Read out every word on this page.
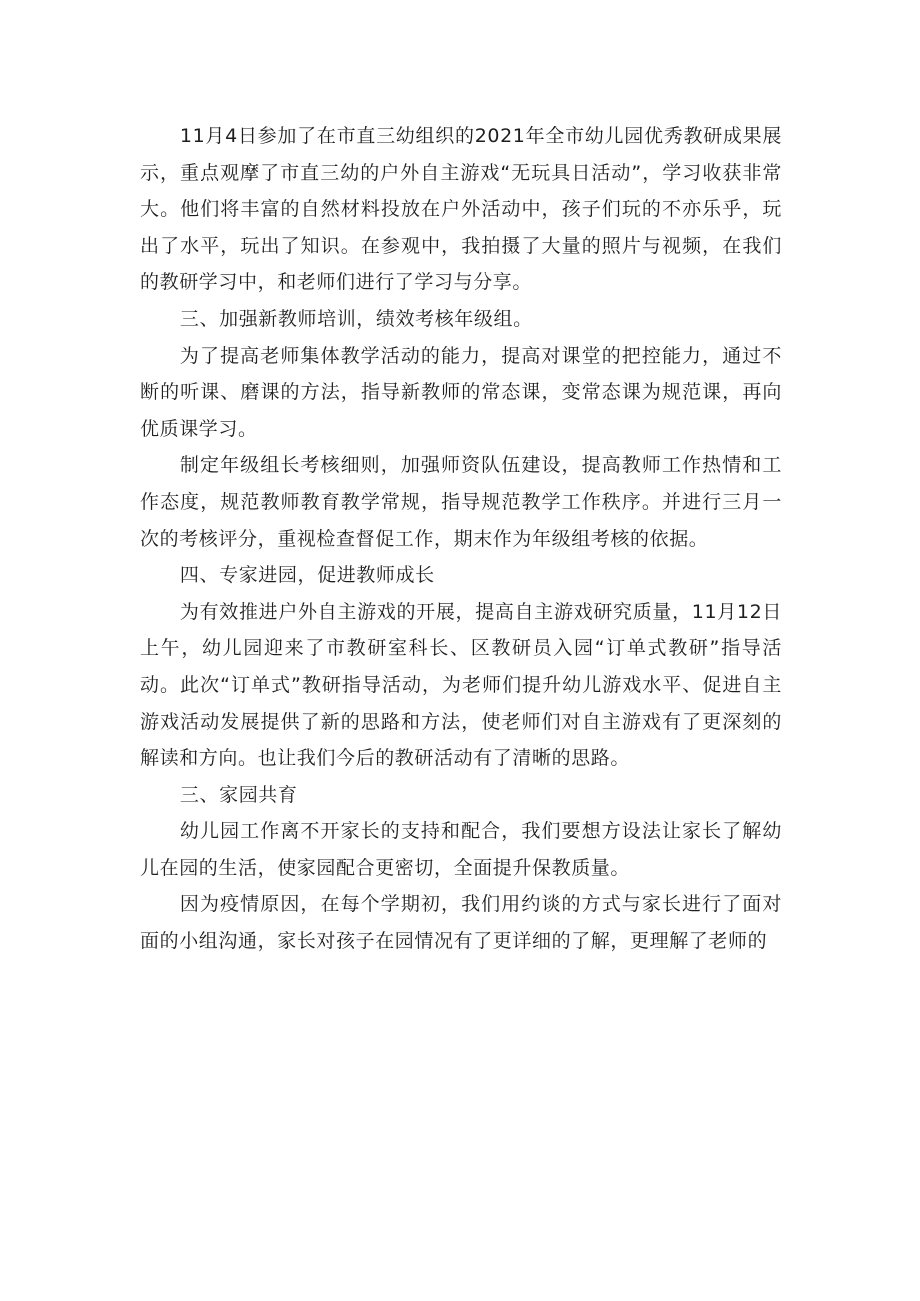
11月4日参加了在市直三幼组织的2021年全市幼儿园优秀教研成果展示，重点观摩了市直三幼的户外自主游戏“无玩具日活动”，学习收获非常大。他们将丰富的自然材料投放在户外活动中，孩子们玩的不亦乐乎，玩出了水平，玩出了知识。在参观中，我拍摄了大量的照片与视频，在我们的教研学习中，和老师们进行了学习与分享。

三、加强新教师培训，绩效考核年级组。

为了提高老师集体教学活动的能力，提高对课堂的把控能力，通过不断的听课、磨课的方法，指导新教师的常态课，变常态课为规范课，再向优质课学习。

制定年级组长考核细则，加强师资队伍建设，提高教师工作热情和工作态度，规范教师教育教学常规，指导规范教学工作秩序。并进行三月一次的考核评分，重视检查督促工作，期末作为年级组考核的依据。

四、专家进园，促进教师成长

为有效推进户外自主游戏的开展，提高自主游戏研究质量，11月12日上午，幼儿园迎来了市教研室科长、区教研员入园“订单式教研”指导活动。此次“订单式”教研指导活动，为老师们提升幼儿游戏水平、促进自主游戏活动发展提供了新的思路和方法，使老师们对自主游戏有了更深刻的解读和方向。也让我们今后的教研活动有了清晰的思路。

三、家园共育

幼儿园工作离不开家长的支持和配合，我们要想方设法让家长了解幼儿在园的生活，使家园配合更密切，全面提升保教质量。

因为疫情原因，在每个学期初，我们用约谈的方式与家长进行了面对面的小组沟通，家长对孩子在园情况有了更详细的了解，更理解了老师的
